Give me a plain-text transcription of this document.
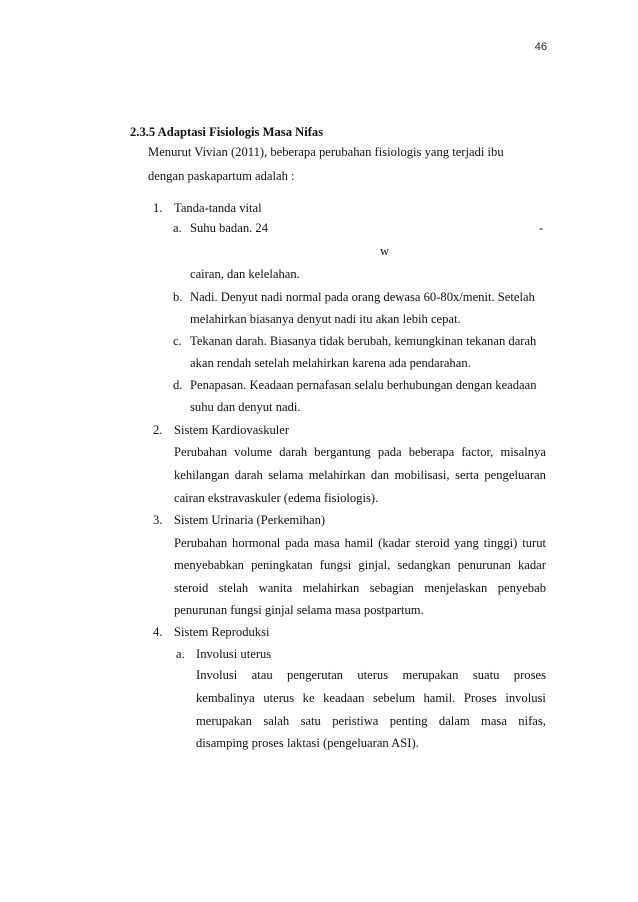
46
2.3.5 Adaptasi Fisiologis Masa Nifas
Menurut Vivian (2011), beberapa perubahan fisiologis yang terjadi ibu
dengan paskapartum adalah :
1. Tanda-tanda vital
a. Suhu badan. 24	-
w
cairan, dan kelelahan.
b. Nadi. Denyut nadi normal pada orang dewasa 60-80x/menit. Setelah
melahirkan biasanya denyut nadi itu akan lebih cepat.
c. Tekanan darah. Biasanya tidak berubah, kemungkinan tekanan darah
akan rendah setelah melahirkan karena ada pendarahan.
d. Penapasan. Keadaan pernafasan selalu berhubungan dengan keadaan
suhu dan denyut nadi.
2. Sistem Kardiovaskuler
Perubahan volume darah bergantung pada beberapa factor, misalnya
kehilangan darah selama melahirkan dan mobilisasi, serta pengeluaran
cairan ekstravaskuler (edema fisiologis).
3. Sistem Urinaria (Perkemihan)
Perubahan hormonal pada masa hamil (kadar steroid yang tinggi) turut
menyebabkan peningkatan fungsi ginjal, sedangkan penurunan kadar
steroid stelah wanita melahirkan sebagian menjelaskan penyebab
penurunan fungsi ginjal selama masa postpartum.
4. Sistem Reproduksi
a. Involusi uterus
Involusi atau pengerutan uterus merupakan suatu proses
kembalinya uterus ke keadaan sebelum hamil. Proses involusi
merupakan salah satu peristiwa penting dalam masa nifas,
disamping proses laktasi (pengeluaran ASI).
